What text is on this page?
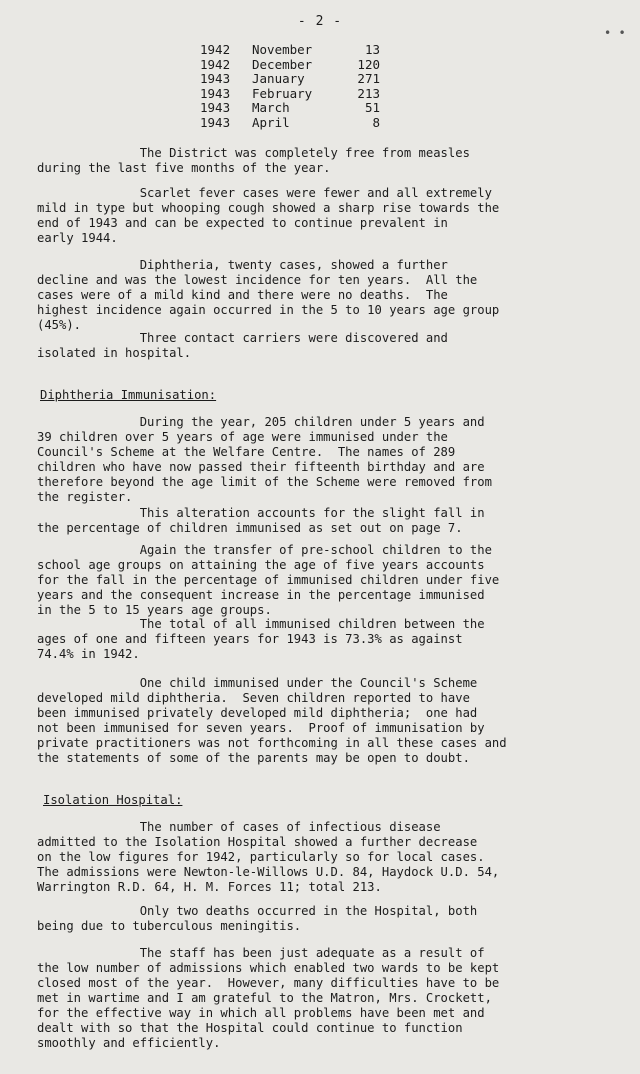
- 2 -
• •
1942	November	13
1942	December	120
1943	January	271
1943	February	213
1943	March	51
1943	April	8
The District was completely free from measles
during the last five months of the year.
Scarlet fever cases were fewer and all extremely
mild in type but whooping cough showed a sharp rise towards the
end of 1943 and can be expected to continue prevalent in
early 1944.
Diphtheria, twenty cases, showed a further
decline and was the lowest incidence for ten years.  All the
cases were of a mild kind and there were no deaths.  The
highest incidence again occurred in the 5 to 10 years age group
(45%).
Three contact carriers were discovered and
isolated in hospital.
Diphtheria Immunisation:
During the year, 205 children under 5 years and
39 children over 5 years of age were immunised under the
Council's Scheme at the Welfare Centre.  The names of 289
children who have now passed their fifteenth birthday and are
therefore beyond the age limit of the Scheme were removed from
the register.
This alteration accounts for the slight fall in
the percentage of children immunised as set out on page 7.
Again the transfer of pre-school children to the
school age groups on attaining the age of five years accounts
for the fall in the percentage of immunised children under five
years and the consequent increase in the percentage immunised
in the 5 to 15 years age groups.
The total of all immunised children between the
ages of one and fifteen years for 1943 is 73.3% as against
74.4% in 1942.
One child immunised under the Council's Scheme
developed mild diphtheria.  Seven children reported to have
been immunised privately developed mild diphtheria;  one had
not been immunised for seven years.  Proof of immunisation by
private practitioners was not forthcoming in all these cases and
the statements of some of the parents may be open to doubt.
Isolation Hospital:
The number of cases of infectious disease
admitted to the Isolation Hospital showed a further decrease
on the low figures for 1942, particularly so for local cases.
The admissions were Newton-le-Willows U.D. 84, Haydock U.D. 54,
Warrington R.D. 64, H. M. Forces 11; total 213.
Only two deaths occurred in the Hospital, both
being due to tuberculous meningitis.
The staff has been just adequate as a result of
the low number of admissions which enabled two wards to be kept
closed most of the year.  However, many difficulties have to be
met in wartime and I am grateful to the Matron, Mrs. Crockett,
for the effective way in which all problems have been met and
dealt with so that the Hospital could continue to function
smoothly and efficiently.
